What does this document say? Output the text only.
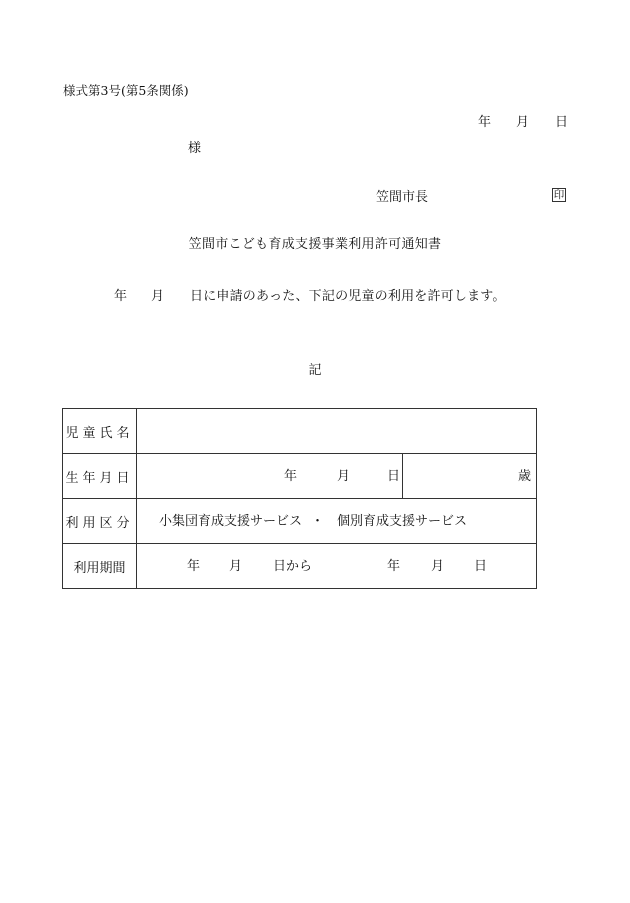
様式第3号(第5条関係)
年 月 日
様
笠間市長	印
笠間市こども育成支援事業利用許可通知書
年 月 日に申請のあった、下記の児童の利用を許可します。
記
児童氏名
生年月日	年	月	日	歳
利用区分 小集団育成支援サービス ・ 個別育成支援サービス
利用期間	年 月 日から	年 月 日
